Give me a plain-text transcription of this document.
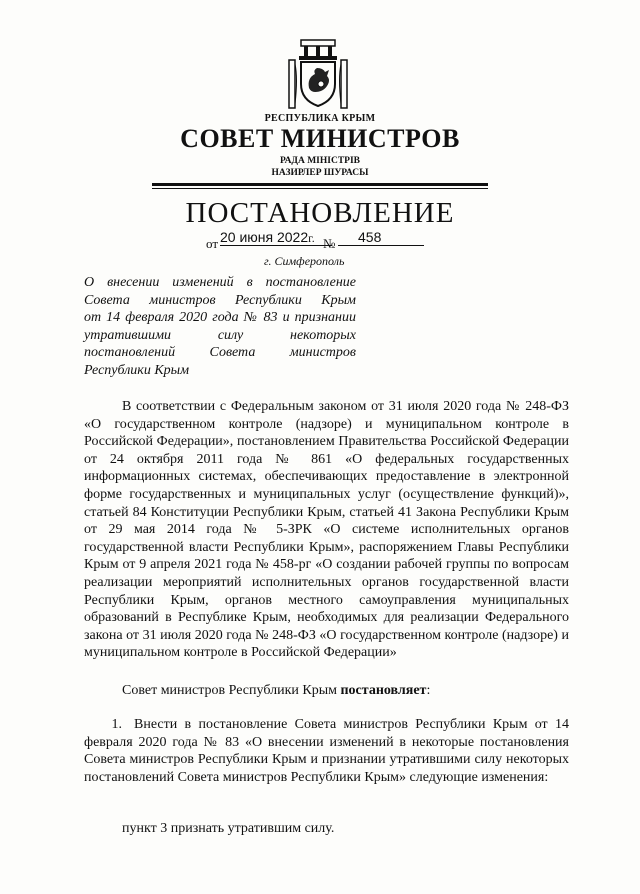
РЕСПУБЛИКА КРЫМ
СОВЕТ МИНИСТРОВ
РАДА МІНІСТРІВ
НАЗИРЛЕР ШУРАСЫ
ПОСТАНОВЛЕНИЕ
от 20 июня 2022г. № 458
г. Симферополь
О внесении изменений в постановление
Совета министров Республики Крым
от 14 февраля 2020 года № 83 и признании
утратившими силу некоторых
постановлений Совета министров
Республики Крым
В соответствии с Федеральным законом от 31 июля 2020 года № 248-ФЗ «О государственном контроле (надзоре) и муниципальном контроле в Российской Федерации», постановлением Правительства Российской Федерации от 24 октября 2011 года № 861 «О федеральных государственных информационных системах, обеспечивающих предоставление в электронной форме государственных и муниципальных услуг (осуществление функций)», статьей 84 Конституции Республики Крым, статьей 41 Закона Республики Крым от 29 мая 2014 года № 5-ЗРК «О системе исполнительных органов государственной власти Республики Крым», распоряжением Главы Республики Крым от 9 апреля 2021 года № 458-рг «О создании рабочей группы по вопросам реализации мероприятий исполнительных органов государственной власти Республики Крым, органов местного самоуправления муниципальных образований в Республике Крым, необходимых для реализации Федерального закона от 31 июля 2020 года № 248-ФЗ «О государственном контроле (надзоре) и муниципальном контроле в Российской Федерации»
Совет министров Республики Крым постановляет:
1. Внести в постановление Совета министров Республики Крым от 14 февраля 2020 года № 83 «О внесении изменений в некоторые постановления Совета министров Республики Крым и признании утратившими силу некоторых постановлений Совета министров Республики Крым» следующие изменения:
пункт 3 признать утратившим силу.
